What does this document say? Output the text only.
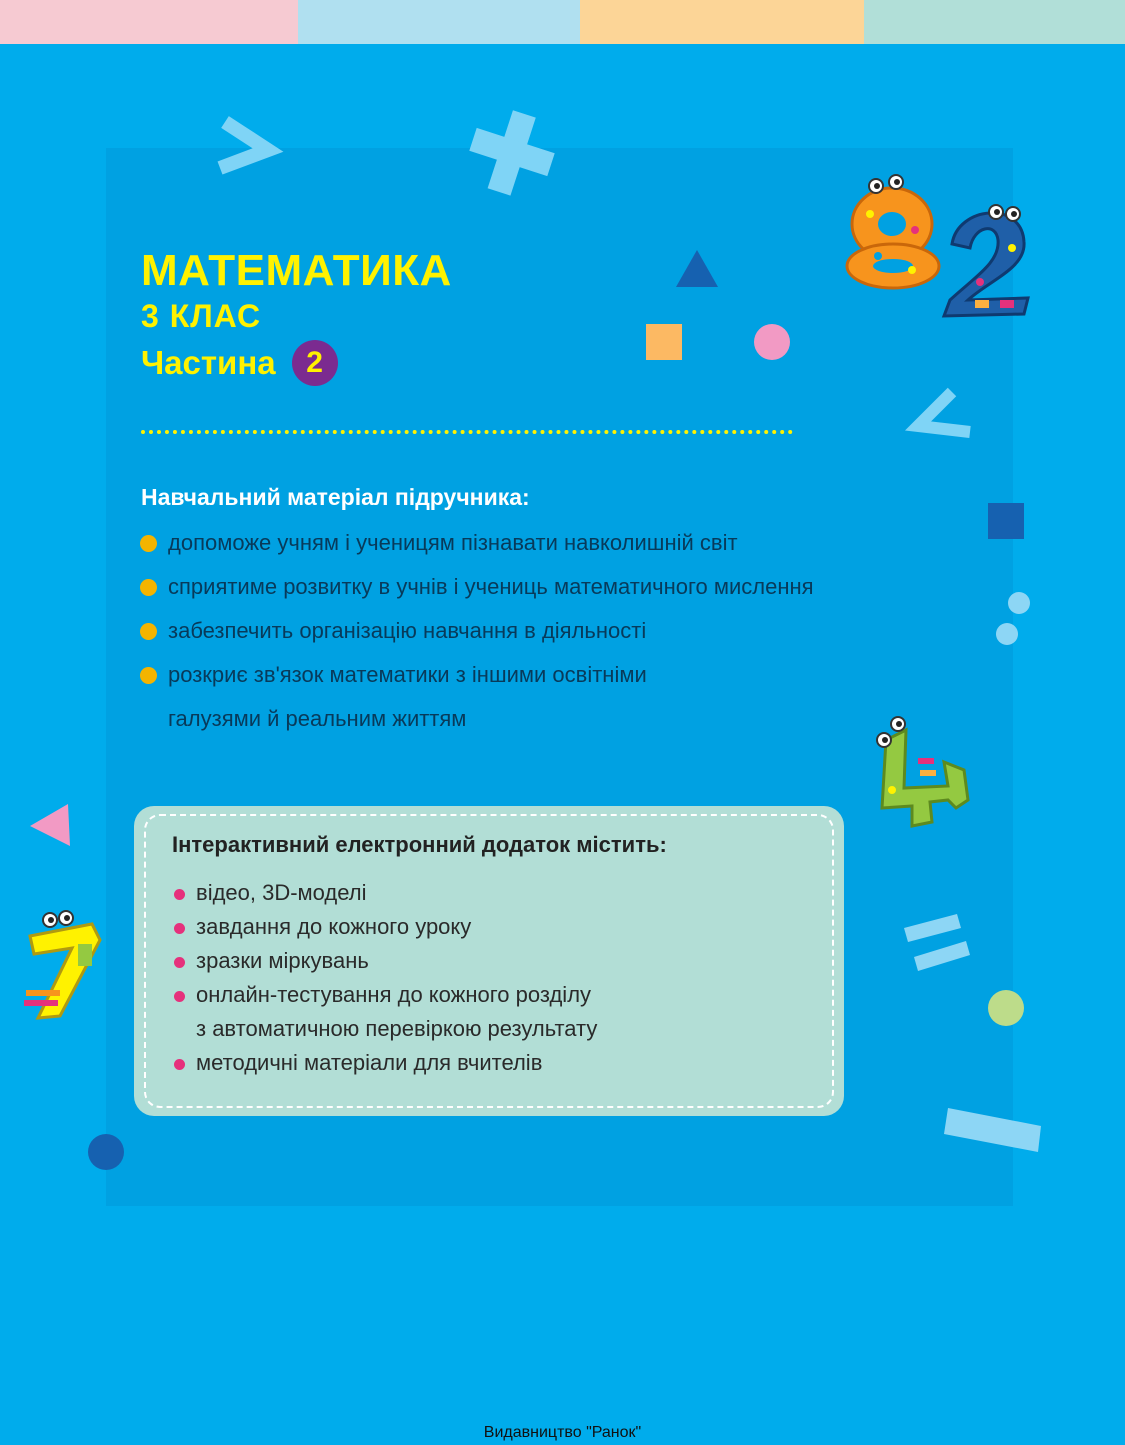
МАТЕМАТИКА
3 КЛАС
Частина	2
Навчальний матеріал підручника:
допоможе учням і ученицям пізнавати навколишній світ
сприятиме розвитку в учнів і учениць математичного мислення
забезпечить організацію навчання в діяльності
розкриє зв'язок математики з іншими освітніми
галузями й реальним життям
Інтерактивний електронний додаток містить:
відео, 3D-моделі
завдання до кожного уроку
зразки міркувань
онлайн-тестування до кожного розділу
з автоматичною перевіркою результату
методичні матеріали для вчителів
Видавництво "Ранок"
